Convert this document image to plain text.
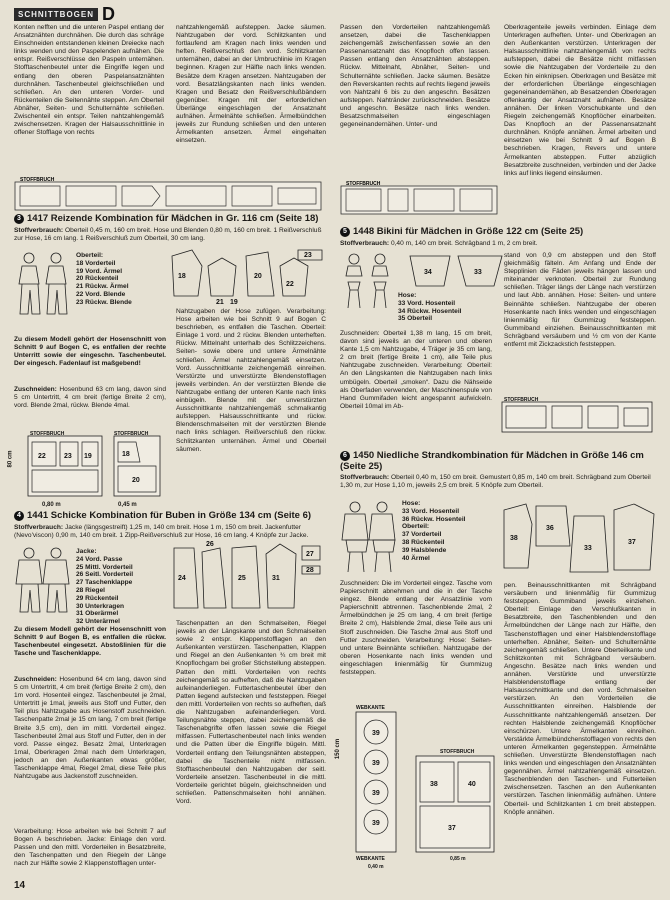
SCHNITTBOGEN D
Konten nefften und die unteren Paspel entlang der Ansatznähten durchnähen. Die durch das schräge Einschneiden entstandenen kleinen Dreiecke nach links wenden und den Paspelenden aufnähen. Die entspr. Reißverschlüsse den Paspeln unternähen. Stofftaschenbeutel unter die Eingriffe legen und entlang den oberen Paspelansatznähten durchnähen. Taschenbeutel gleichschließen und schließen. An den unteren Vorder- und Rückenteilen die Seitennähte steppen. Am Oberteil Abnäher, Seiten- und Schulternähte schließen. Zwischenteil ein entspr. Teilen nahtzahlengemäß zwischensetzen. Kragen der Halsausschnittlinie in offener Stofflage von rechts
nahtzahlengemäß aufsteppen. Jacke säumen. Nahtzugaben der vord. Schlitzkanten und fortlaufend am Kragen nach links wenden und heften. Reißverschluß den vord. Schlitzkanten unternähen, dabei an der Umbruchlinie im Kragen beginnen. Kragen zur Hälfte nach links wenden. Besätze dem Kragen ansetzen. Nahtzugaben der vord. Besatzlängskanten nach links wenden. Kragen und Besatz den Reißverschlußbändern gegenüber. Kragen mit der erforderlichen Überlänge eingeschlagen der Ansatznaht aufnähen. Ärmelnähte schließen. Ärmelbündchen jeweils zur Rundung schließen und den unteren Ärmelkanten ansetzen. Ärmel eingehalten einsetzen.
Passen den Vorderteilen nahtzahlengemäß ansetzen, dabei die Taschenklappen zeichengemäß zwischenfassen sowie an den Passenansatznaht das Knopfloch offen lassen. Passen entlang den Ansatznähten absteppen. Rückw. Mittelnaht, Abnäher, Seiten- und Schulternähte schließen. Jacke säumen. Besätze den Reverskanten rechts auf rechts liegend jeweils von Nahtzahl 6 bis zu den angeschn. Besätzen aufsteppen. Nahtränder zurückschneiden. Besätze und angeschn. Besätze nach links wenden. Besatzschmalseiten eingeschlagen gegeneinandernähen. Unter- und
Oberkragenteile jeweils verbinden. Einlage dem Unterkragen aufheften. Unter- und Oberkragen an den Außenkanten verstürzen. Unterkragen der Halsausschnittlinie nahtzahlengemäß von rechts aufsteppen, dabei die Besätze nicht mitfassen sowie die Nahtzugaben der Vorderteile zu den Ecken hin einknipsen. Oberkragen und Besätze mit der erforderlichen Überlänge eingeschlagen gegeneinandernähen, ab Besatzenden Oberkragen offenkantig der Ansatznaht aufnähen. Besätze annähen. Der linken Vorschubkante und den Riegeln zeichengemäß Knopflöcher einarbeiten. Das Knopfloch an der Passenansatznaht durchnähen. Knöpfe annähen. Ärmel arbeiten und einsetzen wie bei Schnitt 9 auf Bogen B beschrieben. Kragen, Revers und untere Ärmelkanten absteppen. Futter abzüglich Besatzbreite zuschneiden, verbinden und der Jacke links auf links liegend einsäumen.
STOFFBRUCH
STOFFBRUCH
3 1417 Reizende Kombination für Mädchen in Gr. 116 cm (Seite 18)
Stoffverbrauch: Oberteil 0,45 m, 160 cm breit. Hose und Blenden 0,80 m, 160 cm breit. 1 Reißverschluß zur Hose, 16 cm lang. 1 Reißverschluß zum Oberteil, 30 cm lang.
Oberteil:
18 Vorderteil
19 Vord. Ärmel
20 Rückenteil
21 Rückw. Ärmel
22 Vord. Blende
23 Rückw. Blende
18
21 19
20
22
23
Zu diesem Modell gehört der Hosenschnitt von Schnitt 9 auf Bogen C, es entfallen der rechte Unterritt sowie der eingeschn. Taschenbeutel. Der eingesch. Fadenlauf ist maßgebend!
Zuschneiden: Hosenbund 63 cm lang, davon sind 5 cm Untertritt, 4 cm breit (fertige Breite 2 cm), vord. Blende 2mal, rückw. Blende 4mal.
22	23 19	18
20
STOFFBRUCH	STOFFBRUCH
80 cm
0,80 m	0,45 m
Nahtzugaben der Hose zufügen. Verarbeitung: Hose arbeiten wie bei Schnitt 9 auf Bogen C beschrieben, es entfallen die Taschen. Oberteil: Einlage 1 vord. und 2 rückw. Blenden unterheften. Rückw. Mittelnaht unterhalb des Schlitzzeichens. Seiten- sowie obere und untere Ärmelnähte schließen. Ärmel nahtzahlengemäß einsetzen. Vord. Ausschnittkante zeichengemäß einreihen. Verstürzte und unverstürzte Blendenstofflagen jeweils verbinden. An der verstürzten Blende die Nahtzugabe entlang der unteren Kante nach links einbügeln. Blende mit der unverstürzten Ausschnittkante nahtzahlengemäß schmalkantig aufsteppen. Halsausschnittkante und rückw. Blendenschmalseiten mit der verstürzten Blende nach links schlagen. Reißverschluß den rückw. Schlitzkanten unternähen. Ärmel und Oberteil säumen.
4 1441 Schicke Kombination für Buben in Größe 134 cm (Seite 6)
Stoffverbrauch: Jacke (längsgestreift) 1,25 m, 140 cm breit. Hose 1 m, 150 cm breit. Jackenfutter (Nevo'viscon) 0,90 m, 140 cm breit. 1 Zipp-Reißverschluß zur Hose, 16 cm lang. 4 Knöpfe zur Jacke.
Jacke:
24 Vord. Passe
25 Mittl. Vorderteil
26 Seitl. Vorderteil
27 Taschenklappe
28 Riegel
29 Rückenteil
30 Unterkragen
31 Oberärmel
32 Unterärmel
24
26
25	31
27
28
Zu diesem Modell gehört der Hosenschnitt von Schnitt 9 auf Bogen B, es entfallen die rückw. Taschenbeutel eingesetzt. Abstoßlinien für die Tasche und Taschenklappe.
Zuschneiden: Hosenbund 64 cm lang, davon sind 5 cm Untertritt, 4 cm breit (fertige Breite 2 cm), den 1m vord. Hosenteil eingez. Taschenbeutel je 2mal, Untertritt je 1mal, jeweils aus Stoff und Futter, den Teil plus Nahtzugabe aus Hosenstoff zuschneiden. Taschenpatte 2mal je 15 cm lang, 7 cm breit (fertige Breite 3,5 cm), den im mittl. Vorderteil eingez. Taschenbeutel 2mal aus Stoff und Futter, den in der vord. Passe eingez. Besatz 2mal, Unterkragen 1mal, Oberkragen 2mal nach dem Unterkragen, jedoch an den Außenkanten etwas größer, Taschenklappe 4mal, Riegel 2mal, diese Teile plus Nahtzugabe aus Jackenstoff zuschneiden.
Verarbeitung: Hose arbeiten wie bei Schnitt 7 auf Bogen A beschrieben. Jacke: Einlage den vord. Passen und den mittl. Vorderteilen in Besatzbreite, den Taschenpatten und den Riegeln der Länge nach zur Hälfte sowie 2 Klappenstofflagen unter-
Taschenpatten an den Schmalseiten, Riegel jeweils an der Längskante und den Schmalseiten sowie 2 entspr. Klappenstofflagen an den Außenkanten verstürzen. Taschenpatten, Klappen und Riegel an den Außenkanten ¾ cm breit mit Knopflochgarn bei großer Stichstellung absteppen. Patten den mittl. Vorderteilen von rechts zeichengemäß so aufheften, daß die Nahtzugaben aufeinanderliegen. Futtertaschenbeutel über den Patten liegend aufstecken und feststeppen. Riegel den mittl. Vorderteilen von rechts so aufheften, daß die Nahtzugaben aufeinanderliegen. Vord. Teilungsnähte steppen, dabei zeichengemäß die Taschenabgrifte offen lassen sowie die Riegel mitfassen. Futtertaschenbeutel nach links wenden und die Patten über die Eingriffe bügeln. Mittl. Vorderteil entlang den Teilungsnähten absteppen, dabei die Taschenteile nicht mitfassen. Stofftaschenbeutel den Nahtzugaben der seitl. Vorderteile ansetzen. Taschenbeutel in die mittl. Vorderteile gerichtet bügeln, gleichschneiden und schließen. Pattenschmalseiten hohl annähen. Vord.
5 1448 Bikini für Mädchen in Größe 122 cm (Seite 25)
Stoffverbrauch: 0,40 m, 140 cm breit. Schrägband 1 m, 2 cm breit.
34	33
Hose:
33 Vord. Hosenteil
34 Rückw. Hosenteil
35 Oberteil
Zuschneiden: Oberteil 1,38 m lang, 15 cm breit, davon sind jeweils an der unteren und oberen Kante 1,5 cm Nahtzugabe, 4 Träger je 35 cm lang, 2 cm breit (fertige Breite 1 cm), alle Teile plus Nahtzugabe zuschneiden. Verarbeitung: Oberteil: An den Längskanten die Nahtzugaben nach links umbügeln. Oberteil „smoken“. Dazu die Nähseide als Oberfaden verwenden, der Maschinenspule von Hand Gummifaden leicht angespannt aufwickeln. Oberteil 10mal im Ab-
stand von 0,9 cm absteppen und den Stoff gleichmäßig fälteln. Am Anfang und Ende der Stepplinien die Fäden jeweils hängen lassen und miteinander verknoten. Oberteil zur Rundung schließen. Träger längs der Länge nach verstürzen und laut Abb. annähen. Hose: Seiten- und untere Beinnähte schließen. Nahtzugabe der oberen Hosenkante nach links wenden und eingeschlagen linienmäßig für Gummizug feststeppen. Gummiband einziehen. Beinausschnittkanten mit Schrägband versäubern und ½ cm von der Kante entfernt mit Zickzackstich feststeppen.
STOFFBRUCH
6 1450 Niedliche Strandkombination für Mädchen in Größe 146 cm (Seite 25)
Stoffverbrauch: Oberteil 0,40 m, 150 cm breit. Gemustert 0,85 m, 140 cm breit. Schrägband zum Oberteil 1,30 m, zur Hose 1,10 m, jeweils 2,5 cm breit. 5 Knöpfe zum Oberteil.
Hose:
33 Vord. Hosenteil
36 Rückw. Hosenteil
Oberteil:
37 Vorderteil
38 Rückenteil
39 Halsblende
40 Ärmel
38
36
33
37
Zuschneiden: Die im Vorderteil eingez. Tasche vom Papierschnitt abnehmen und die in der Tasche eingez. Blende entlang der Ansatzlinie vom Papierschnitt abtrennen. Taschenblende 2mal, 2 Ärmelbündchen je 25 cm lang, 4 cm breit (fertige Breite 2 cm), Halsblende 2mal, diese Teile aus uni Stoff zuschneiden. Die Tasche 2mal aus Stoff und Futter zuschneiden. Verarbeitung: Hose: Seiten- und untere Beinnähte schließen. Nahtzugabe der oberen Hosenkante nach links wenden und eingeschlagen linienmäßig für Gummizug feststeppen.
pen. Beinausschnittkanten mit Schrägband versäubern und linienmäßig für Gummizug feststeppen. Gummiband jeweils einziehen. Oberteil: Einlage den Verschlußkanten in Besatzbreite, den Taschenblenden und den Ärmelbündchen der Länge nach zur Hälfte, den Taschenstofflagen und einer Halsblendenstofflage unterheften. Abnäher, Seiten- und Schulternähte zeichengemäß schließen. Untere Oberteilkante und Schlitzkonten mit Schrägband versäubern. Angeschn. Besätze nach links wenden und annähen. Verstürkte und unverstürzte Halsblendenstofflage entlang der Halsausschnittkante und den vord. Schmalseiten verstürzen. An den Vorderteilen die Ausschnittkanten einreihen. Halsblende der Ausschnittkante nahtzahlengemäß ansetzen. Der rechten Halsblende zeichengemäß Knopflöcher einschürzen. Untere Ärmelkanten einreihen. Verstärkte Ärmelbündchenstofflagen von rechts den unteren Ärmelkanten gegensteppen. Ärmelnähte schließen. Unverstürzte Blendenstofflagen nach links wenden und eingeschlagen den Ansatznähten gegennähen. Ärmel nahtzahlengemäß einsetzen. Taschenblenden den Taschen- und Futterteilen zwischensetzen. Taschen an den Außenkanten verstürzen. Taschen linienmäßig aufnähen. Untere Oberteil- und Schlitzkanten 1 cm breit absteppen. Knöpfe annähen.
39
39
39
39
38	40
37
WEBKANTE
WEBKANTE
STOFFBRUCH
0,40 m
0,85 m
150 cm
14
